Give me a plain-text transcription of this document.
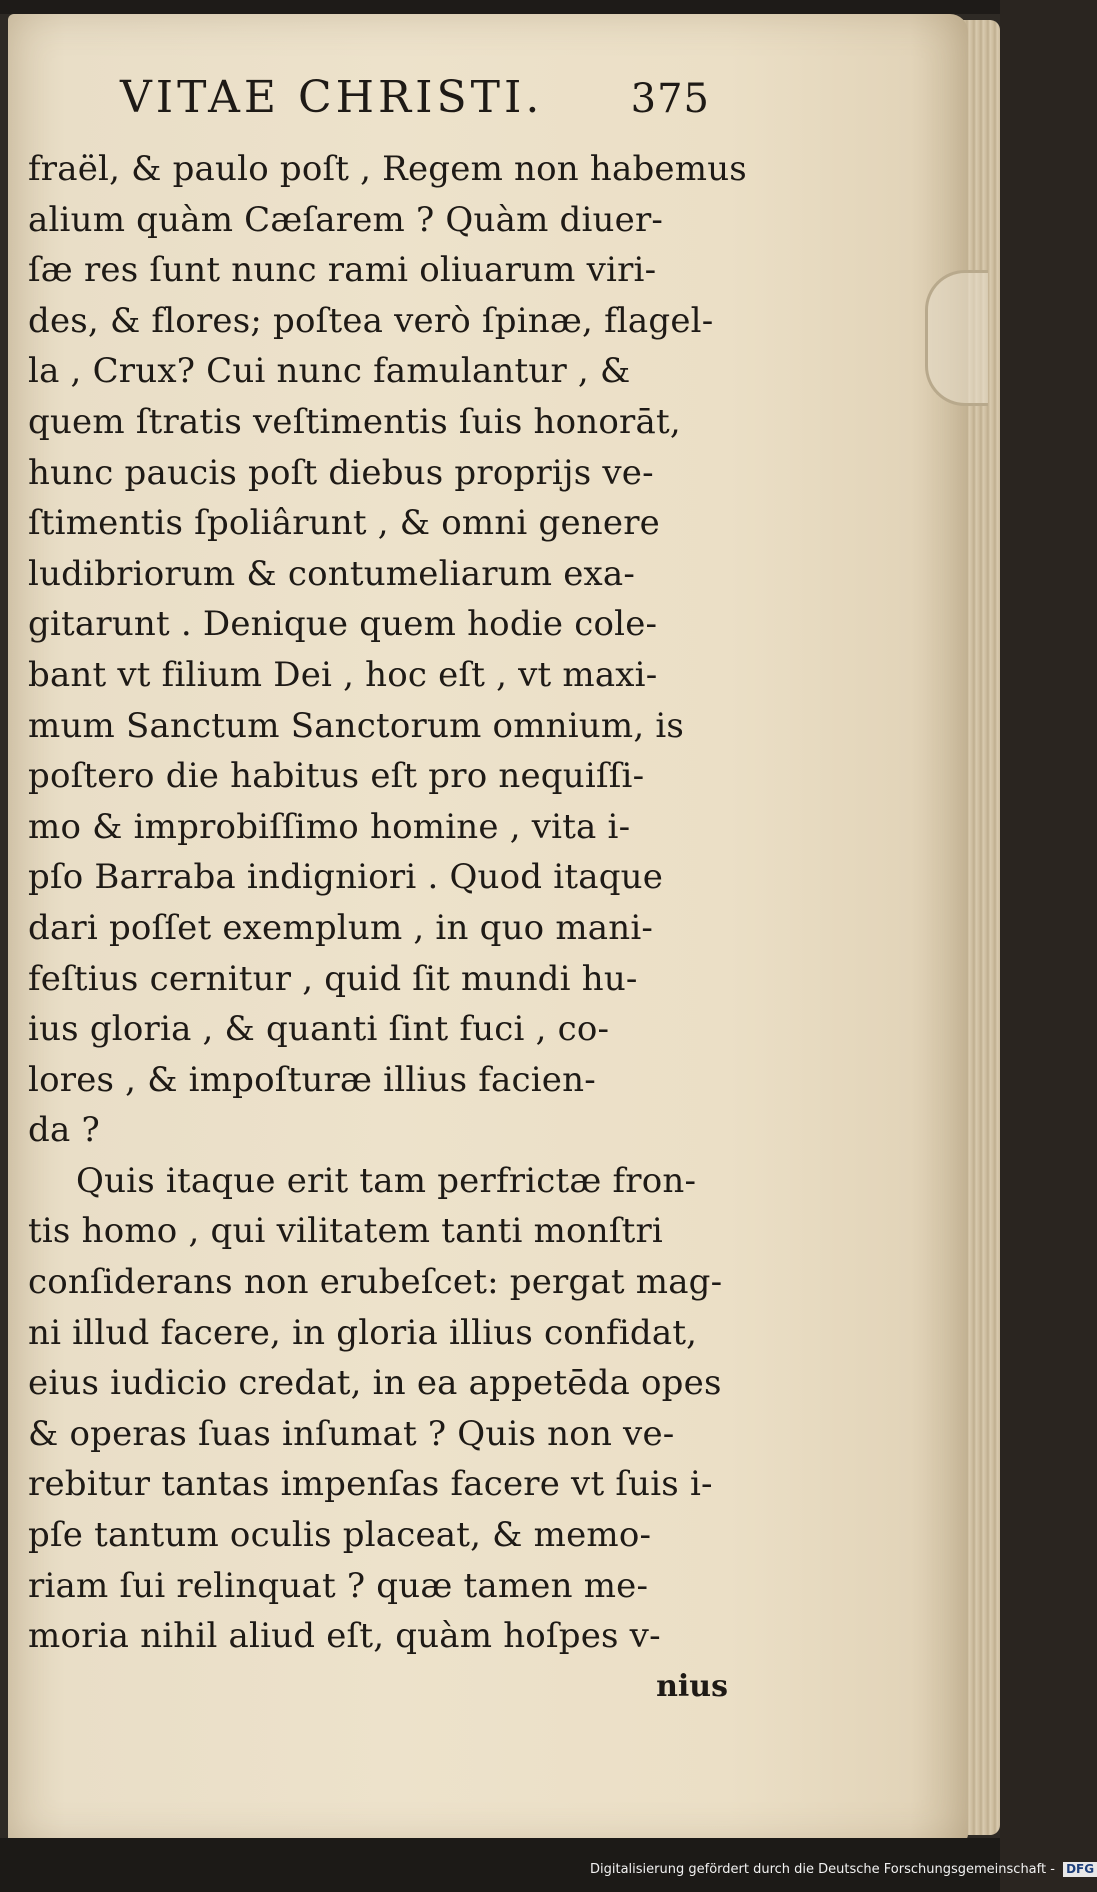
VITAE CHRISTI. 375
fraël, & paulo poſt , Regem non habemus
alium quàm Cæſarem ? Quàm diuer-
ſæ res ſunt nunc rami oliuarum viri-
des, & flores; poſtea verò ſpinæ, flagel-
la , Crux? Cui nunc famulantur , &
quem ſtratis veſtimentis ſuis honorāt,
hunc paucis poſt diebus proprijs ve-
ſtimentis ſpoliârunt , & omni genere
ludibriorum & contumeliarum exa-
gitarunt . Denique quem hodie cole-
bant vt filium Dei , hoc eſt , vt maxi-
mum Sanctum Sanctorum omnium, is
poſtero die habitus eſt pro nequiſſi-
mo & improbiſſimo homine , vita i-
pſo Barraba indigniori . Quod itaque
dari poſſet exemplum , in quo mani-
feſtius cernitur , quid ſit mundi hu-
ius gloria , & quanti ſint fuci , co-
lores , & impoſturæ illius facien-
da ?
Quis itaque erit tam perfrictæ fron-
tis homo , qui vilitatem tanti monſtri
conſiderans non erubeſcet: pergat mag-
ni illud facere, in gloria illius confidat,
eius iudicio credat, in ea appetēda opes
& operas ſuas inſumat ? Quis non ve-
rebitur tantas impenſas facere vt ſuis i-
pſe tantum oculis placeat, & memo-
riam ſui relinquat ? quæ tamen me-
moria nihil aliud eſt, quàm hoſpes v-
nius
Digitalisierung gefördert durch die Deutsche Forschungsgemeinschaft - DFG
